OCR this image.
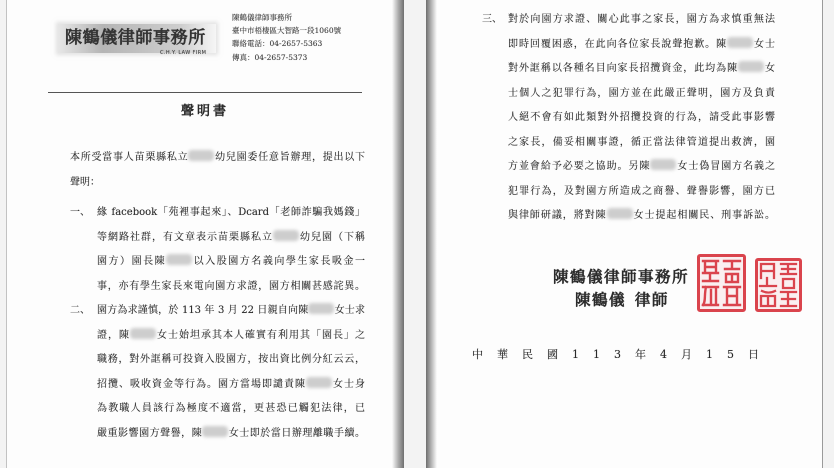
陳鶴儀律師事務所
C.H.Y. LAW FIRM
陳鶴儀律師事務所
臺中市梧棲區大智路一段1060號
聯絡電話：04-2657-5363
傳真：04-2657-5373
聲明書
本所受當事人苗栗縣私立	幼兒園委任意旨辦理，提出以下
聲明：
一、 緣 facebook「苑裡事起來」、Dcard「老師詐騙我媽錢」
等網路社群，有文章表示苗栗縣私立	幼兒園（下稱
園方）園長陳	以入股園方名義向學生家長吸金一
事，亦有學生家長來電向園方求證，園方相關甚感詫異。
二、 園方為求謹慎，於 113 年 3 月 22 日親自向陳	女士求
證，陳	女士始坦承其本人確實有利用其「園長」之
職務，對外誆稱可投資入股園方，按出資比例分紅云云，
招攬、吸收資金等行為。園方當場即譴責陳	女士身
為教職人員該行為極度不適當，更甚恐已觸犯法律，已
嚴重影響園方聲譽，陳	女士即於當日辦理離職手續。
三、 對於向園方求證、關心此事之家長，園方為求慎重無法
即時回覆困惑，在此向各位家長說聲抱歉。陳	女士
對外誆稱以各種名目向家長招攬資金，此均為陳	女
士個人之犯罪行為，園方並在此嚴正聲明，園方及負責
人絕不會有如此類對外招攬投資的行為，請受此事影響
之家長，備妥相關事證，循正當法律管道提出救濟，園
方並會給予必要之協助。另陳	女士偽冒園方名義之
犯罪行為，及對園方所造成之商譽、聲譽影響，園方已
與律師研議，將對陳	女士提起相關民、刑事訴訟。
陳鶴儀律師事務所
陳鶴儀 律師
中華民國113年4月15日
